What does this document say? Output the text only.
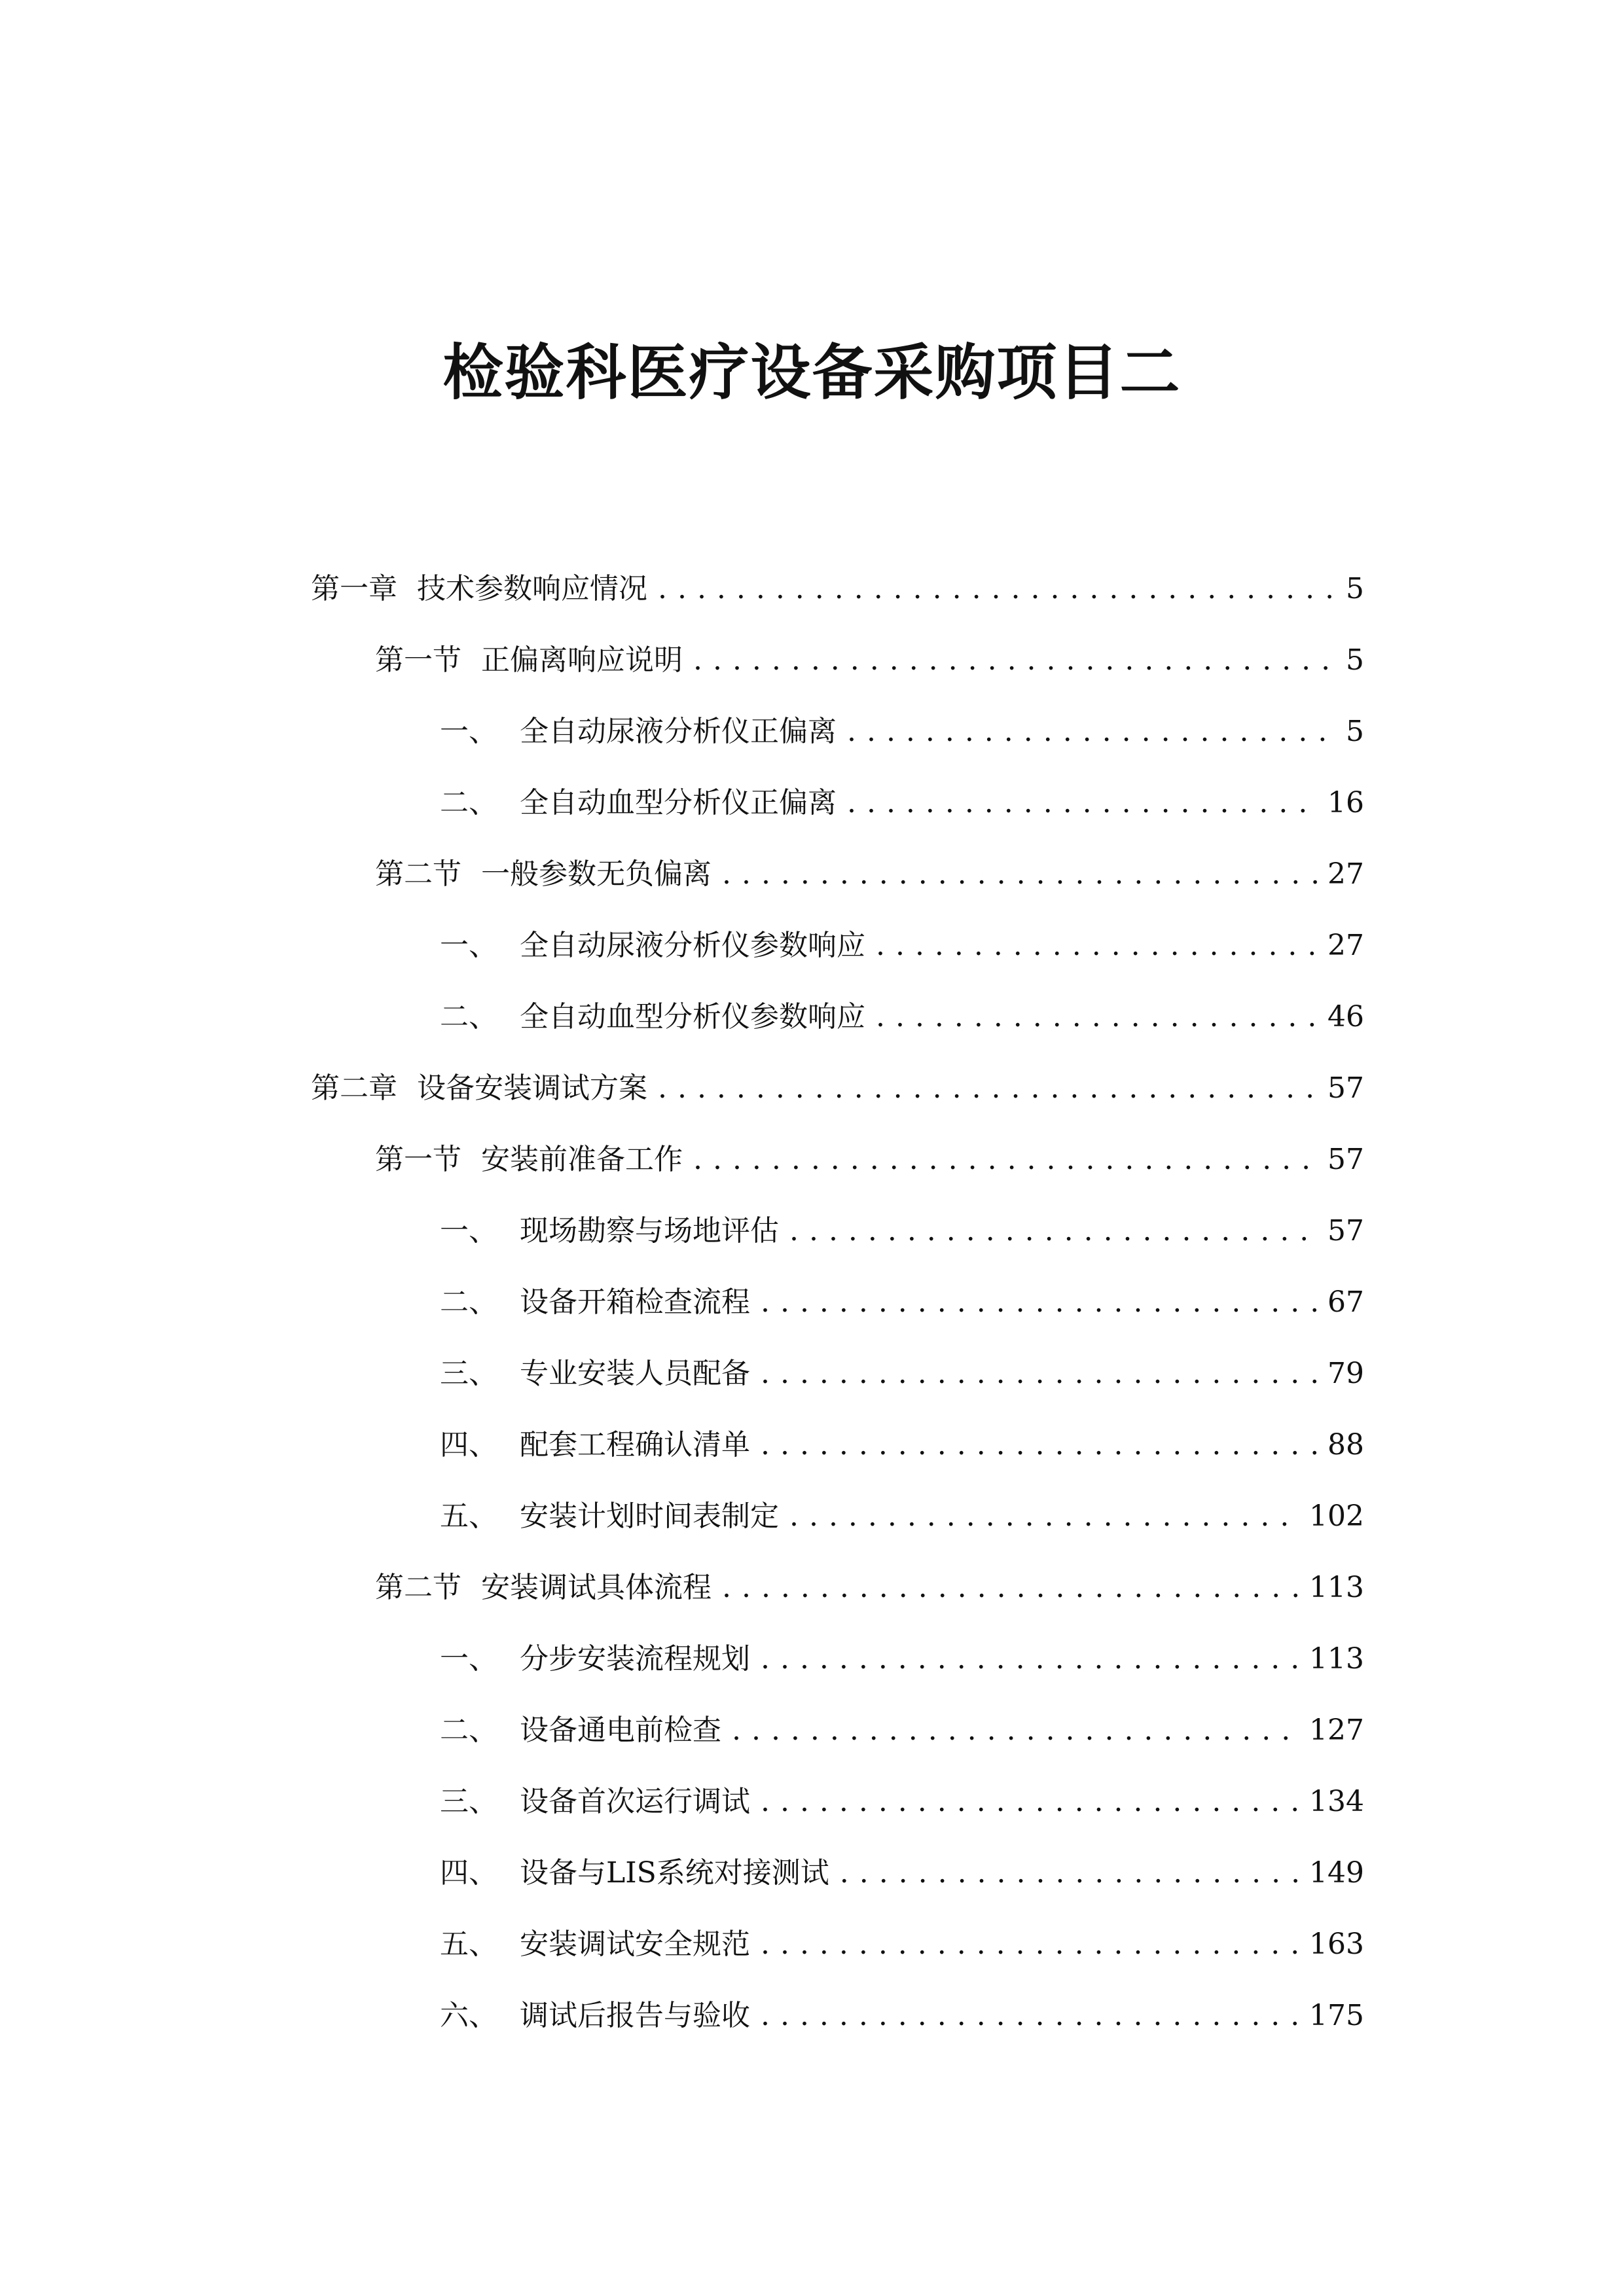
检验科医疗设备采购项目二
第一章 技术参数响应情况 . . .	5
第一节 正偏离响应说明 . . .	5
一、 全自动尿液分析仪正偏离 . . .	5
二、 全自动血型分析仪正偏离 . . .	16
第二节 一般参数无负偏离 . . .	27
一、 全自动尿液分析仪参数响应 . . .	27
二、 全自动血型分析仪参数响应 . . .	46
第二章 设备安装调试方案 . . .	57
第一节 安装前准备工作 . . .	57
一、 现场勘察与场地评估 . . .	57
二、 设备开箱检查流程 . . .	67
三、 专业安装人员配备 . . .	79
四、 配套工程确认清单 . . .	88
五、 安装计划时间表制定 . . .	102
第二节 安装调试具体流程 . . .	113
一、 分步安装流程规划 . . .	113
二、 设备通电前检查 . . .	127
三、 设备首次运行调试 . . .	134
四、 设备与LIS系统对接测试 . . .	149
五、 安装调试安全规范 . . .	163
六、 调试后报告与验收 . . .	175
